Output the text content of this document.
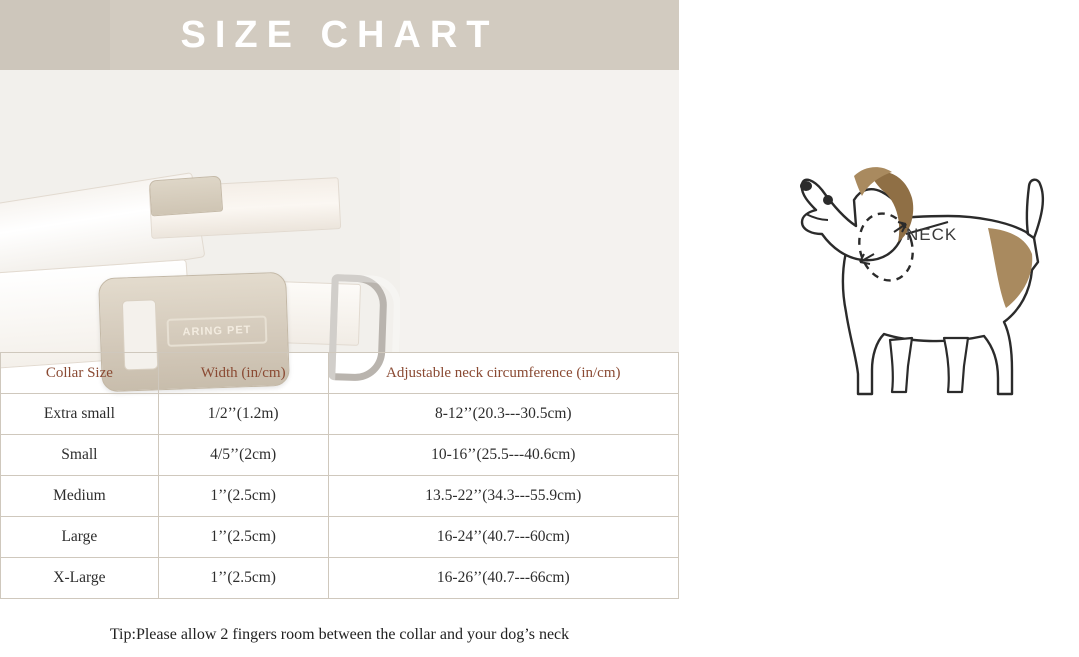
SIZE CHART
ARING PET
NECK
Collar Size	Width (in/cm)	Adjustable neck circumference (in/cm)
Extra small	1/2’’(1.2m)	8-12’’(20.3---30.5cm)
Small	4/5’’(2cm)	10-16’’(25.5---40.6cm)
Medium	1’’(2.5cm)	13.5-22’’(34.3---55.9cm)
Large	1’’(2.5cm)	16-24’’(40.7---60cm)
X-Large	1’’(2.5cm)	16-26’’(40.7---66cm)
Tip:Please allow 2 fingers room between the collar and your dog’s neck
